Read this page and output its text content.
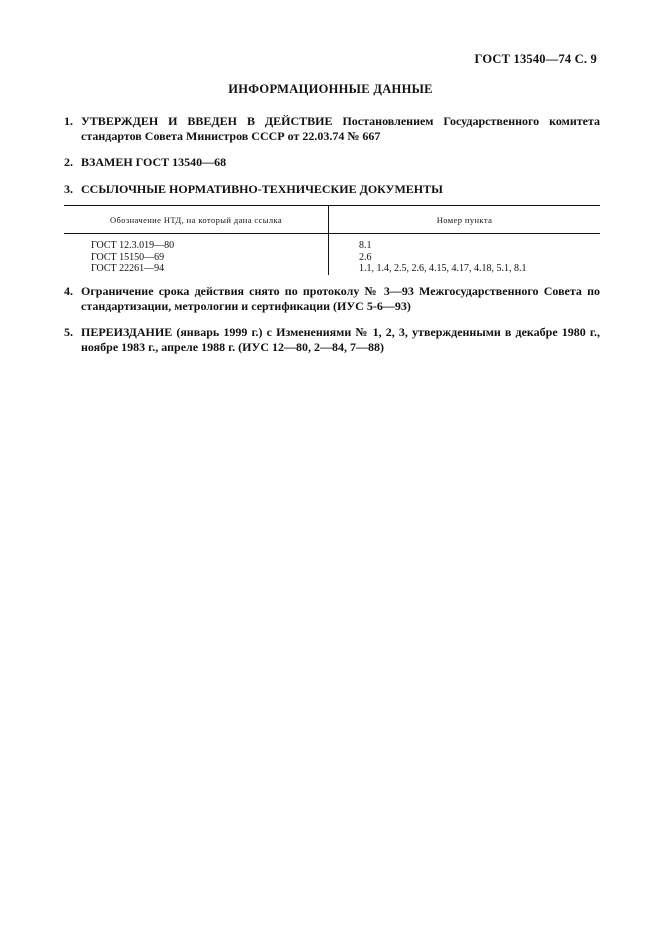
ГОСТ 13540—74 С. 9
ИНФОРМАЦИОННЫЕ ДАННЫЕ
1. УТВЕРЖДЕН И ВВЕДЕН В ДЕЙСТВИЕ Постановлением Государственного комитета стандартов Совета Министров СССР от 22.03.74 № 667
2. ВЗАМЕН ГОСТ 13540—68
3. ССЫЛОЧНЫЕ НОРМАТИВНО-ТЕХНИЧЕСКИЕ ДОКУМЕНТЫ
Обозначение НТД, на который дана ссылка	Номер пункта
ГОСТ 12.3.019—80	8.1
ГОСТ 15150—69	2.6
ГОСТ 22261—94	1.1, 1.4, 2.5, 2.6, 4.15, 4.17, 4.18, 5.1, 8.1
4. Ограничение срока действия снято по протоколу № 3—93 Межгосударственного Совета по стандартизации, метрологии и сертификации (ИУС 5-6—93)
5. ПЕРЕИЗДАНИЕ (январь 1999 г.) с Изменениями № 1, 2, 3, утвержденными в декабре 1980 г., ноябре 1983 г., апреле 1988 г. (ИУС 12—80, 2—84, 7—88)
